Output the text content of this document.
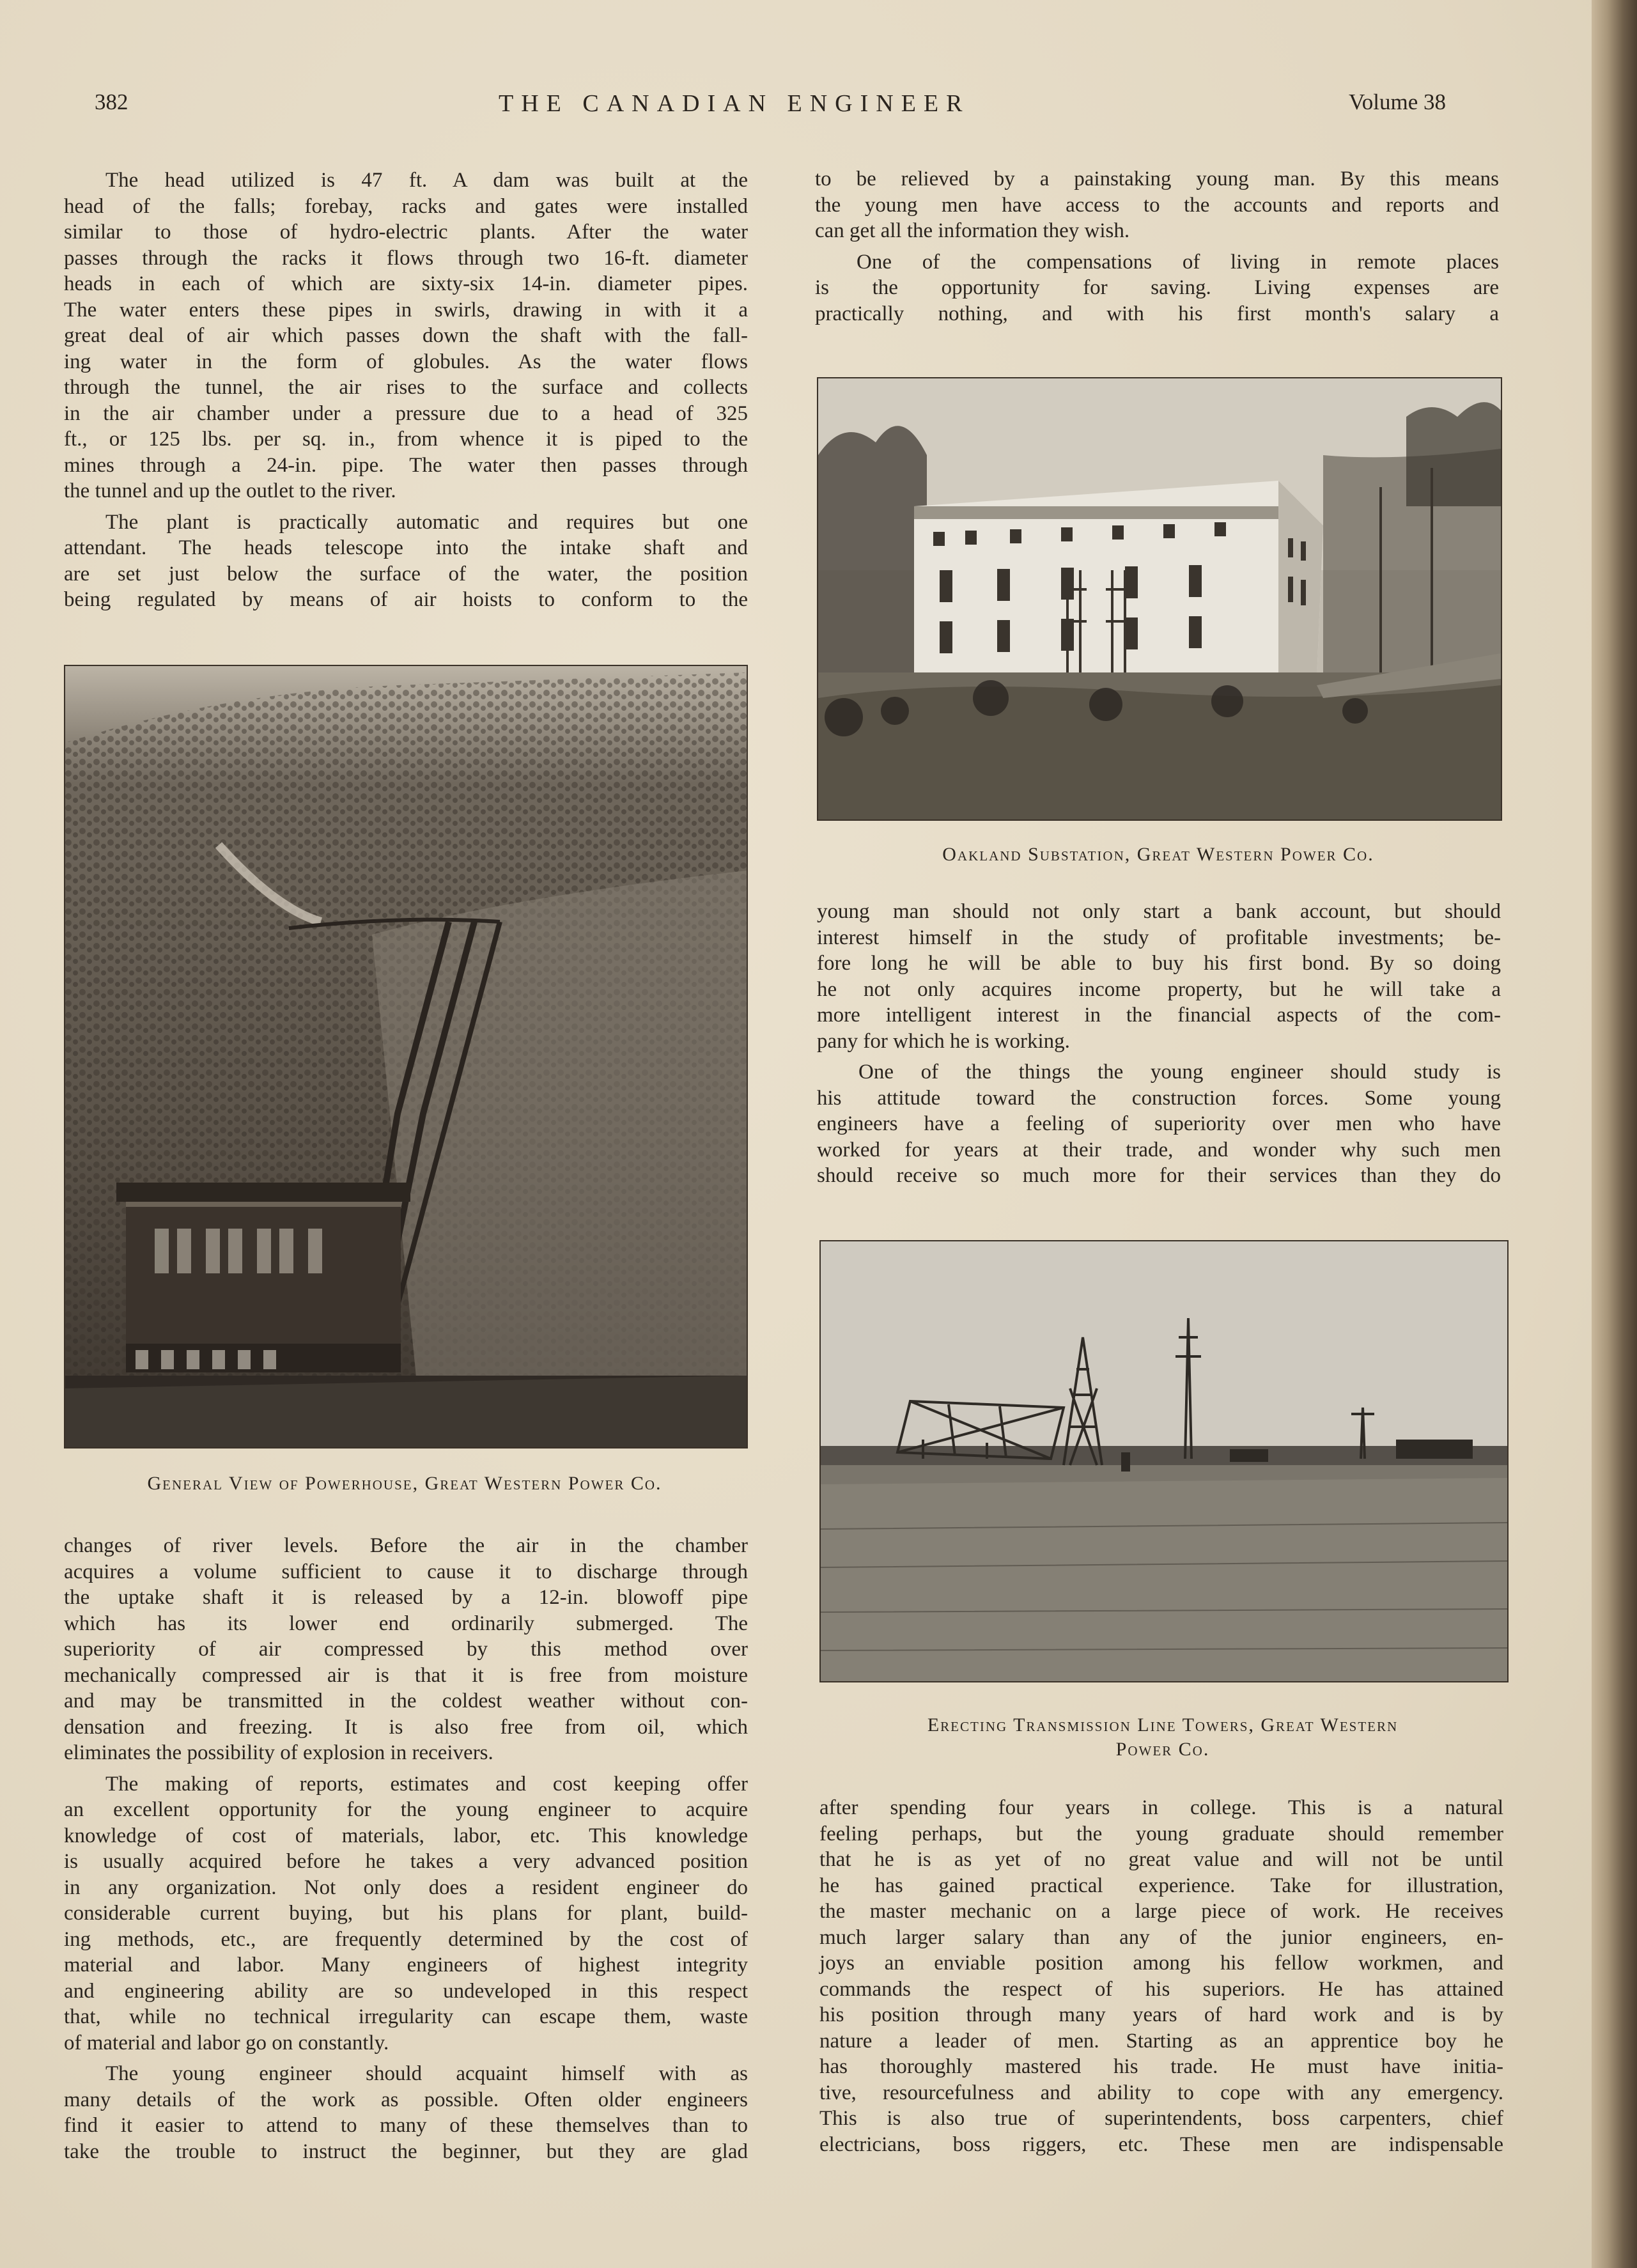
382	THE CANADIAN ENGINEER	Volume 38

The head utilized is 47 ft. A dam was built at the
head of the falls; forebay, racks and gates were installed
similar to those of hydro-electric plants. After the water
passes through the racks it flows through two 16-ft. diameter
heads in each of which are sixty-six 14-in. diameter pipes.
The water enters these pipes in swirls, drawing in with it a
great deal of air which passes down the shaft with the fall-
ing water in the form of globules. As the water flows
through the tunnel, the air rises to the surface and collects
in the air chamber under a pressure due to a head of 325
ft., or 125 lbs. per sq. in., from whence it is piped to the
mines through a 24-in. pipe. The water then passes through
the tunnel and up the outlet to the river.

The plant is practically automatic and requires but one
attendant. The heads telescope into the intake shaft and
are set just below the surface of the water, the position
being regulated by means of air hoists to conform to the

General View of Powerhouse, Great Western Power Co.

changes of river levels. Before the air in the chamber
acquires a volume sufficient to cause it to discharge through
the uptake shaft it is released by a 12-in. blowoff pipe
which has its lower end ordinarily submerged. The
superiority of air compressed by this method over
mechanically compressed air is that it is free from moisture
and may be transmitted in the coldest weather without con-
densation and freezing. It is also free from oil, which
eliminates the possibility of explosion in receivers.

The making of reports, estimates and cost keeping offer
an excellent opportunity for the young engineer to acquire
knowledge of cost of materials, labor, etc. This knowledge
is usually acquired before he takes a very advanced position
in any organization. Not only does a resident engineer do
considerable current buying, but his plans for plant, build-
ing methods, etc., are frequently determined by the cost of
material and labor. Many engineers of highest integrity
and engineering ability are so undeveloped in this respect
that, while no technical irregularity can escape them, waste
of material and labor go on constantly.

The young engineer should acquaint himself with as
many details of the work as possible. Often older engineers
find it easier to attend to many of these themselves than to
take the trouble to instruct the beginner, but they are glad

to be relieved by a painstaking young man. By this means
the young men have access to the accounts and reports and
can get all the information they wish.

One of the compensations of living in remote places
is the opportunity for saving. Living expenses are
practically nothing, and with his first month's salary a

Oakland Substation, Great Western Power Co.

young man should not only start a bank account, but should
interest himself in the study of profitable investments; be-
fore long he will be able to buy his first bond. By so doing
he not only acquires income property, but he will take a
more intelligent interest in the financial aspects of the com-
pany for which he is working.

One of the things the young engineer should study is
his attitude toward the construction forces. Some young
engineers have a feeling of superiority over men who have
worked for years at their trade, and wonder why such men
should receive so much more for their services than they do

Erecting Transmission Line Towers, Great Western
Power Co.

after spending four years in college. This is a natural
feeling perhaps, but the young graduate should remember
that he is as yet of no great value and will not be until
he has gained practical experience. Take for illustration,
the master mechanic on a large piece of work. He receives
much larger salary than any of the junior engineers, en-
joys an enviable position among his fellow workmen, and
commands the respect of his superiors. He has attained
his position through many years of hard work and is by
nature a leader of men. Starting as an apprentice boy he
has thoroughly mastered his trade. He must have initia-
tive, resourcefulness and ability to cope with any emergency.
This is also true of superintendents, boss carpenters, chief
electricians, boss riggers, etc. These men are indispensable
